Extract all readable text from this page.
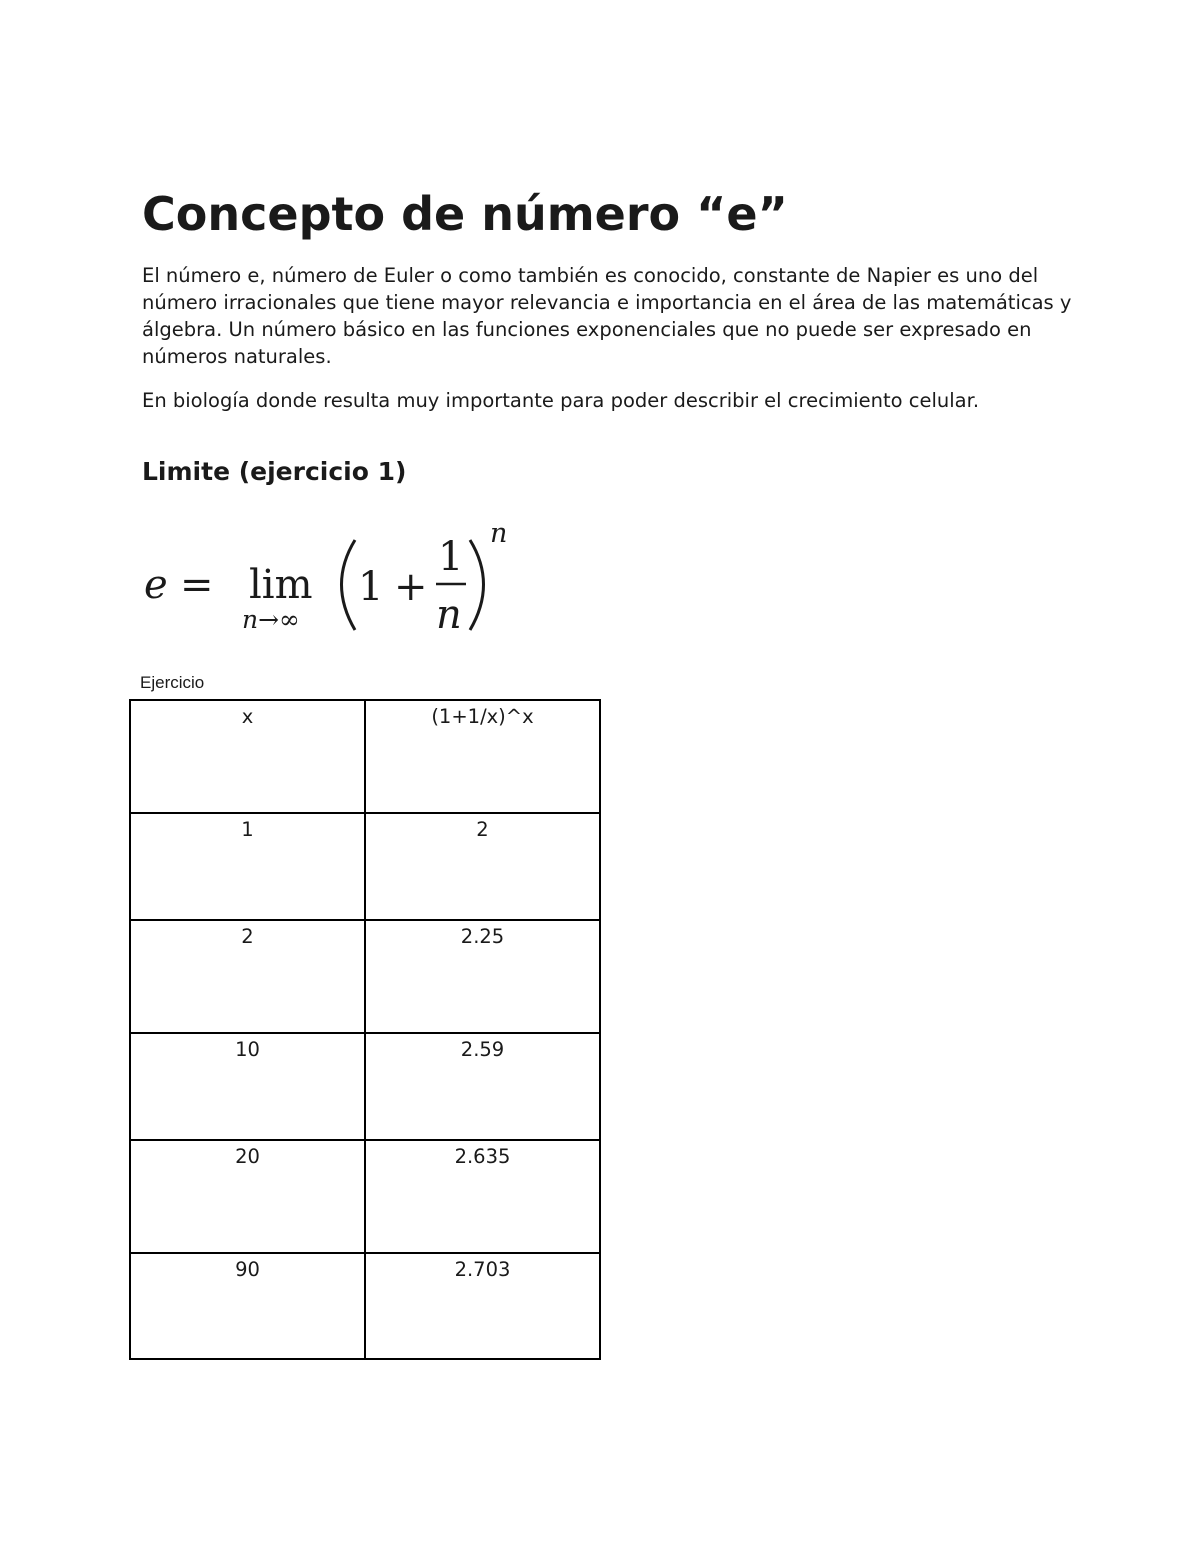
Concepto de número “e”

El número e, número de Euler o como también es conocido, constante de Napier es uno del número irracionales que tiene mayor relevancia e importancia en el área de las matemáticas y álgebra. Un número básico en las funciones exponenciales que no puede ser expresado en números naturales.

En biología donde resulta muy importante para poder describir el crecimiento celular.

Limite (ejercicio 1)
e = lim
n→∞
1 +
1
n
n

Ejercicio

x	(1+1/x)^x
1	2
2	2.25
10	2.59
20	2.635
90	2.703
